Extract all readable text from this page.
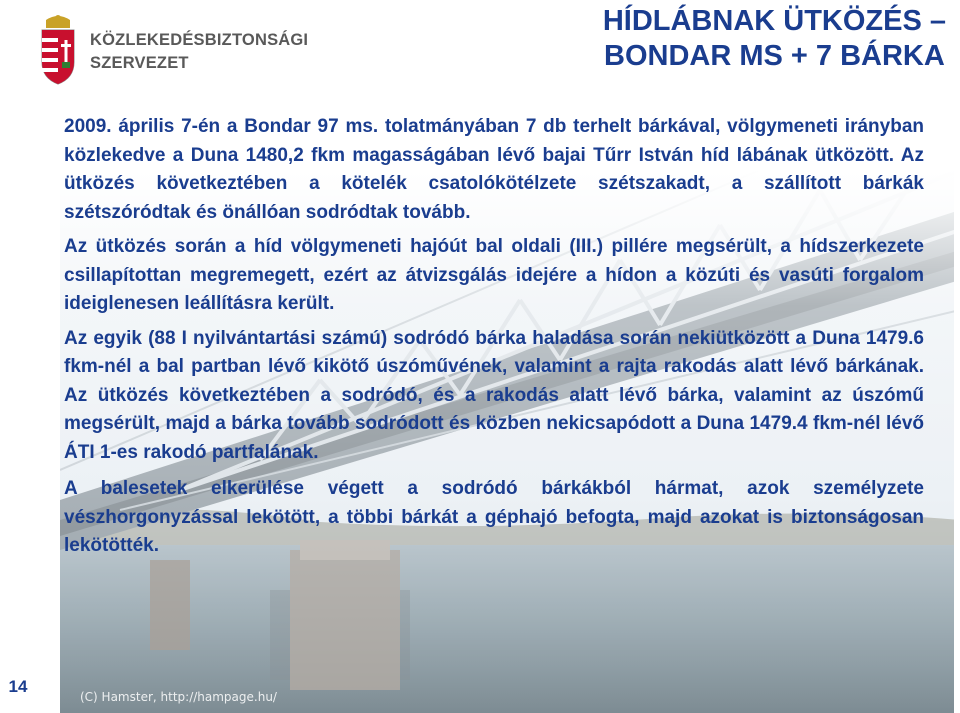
KÖZLEKEDÉSBIZTONSÁGI
SZERVEZET
HÍDLÁBNAK ÜTKÖZÉS –
BONDAR MS + 7 BÁRKA

2009. április 7-én a Bondar 97 ms. tolatmányában 7 db terhelt bárkával, völgymeneti irányban közlekedve a Duna 1480,2 fkm magasságában lévő bajai Tűrr István híd lábának ütközött. Az ütközés következtében a kötelék csatolókötélzete szétszakadt, a szállított bárkák szétszóródtak és önállóan sodródtak tovább.

Az ütközés során a híd völgymeneti hajóút bal oldali (III.) pillére megsérült, a hídszerkezete csillapítottan megremegett, ezért az átvizsgálás idejére a hídon a közúti és vasúti forgalom ideiglenesen leállításra került.

Az egyik (88 I nyilvántartási számú) sodródó bárka haladása során nekiütközött a Duna 1479.6 fkm-nél a bal partban lévő kikötő úszóművének, valamint a rajta rakodás alatt lévő bárkának. Az ütközés következtében a sodródó, és a rakodás alatt lévő bárka, valamint az úszómű megsérült, majd a bárka tovább sodródott és közben nekicsapódott a Duna 1479.4 fkm-nél lévő ÁTI 1-es rakodó partfalának.

A balesetek elkerülése végett a sodródó bárkákból hármat, azok személyzete vészhorgonyzással lekötött, a többi bárkát a géphajó befogta, majd azokat is biztonságosan lekötötték.

(C) Hamster, http://hampage.hu/
14
